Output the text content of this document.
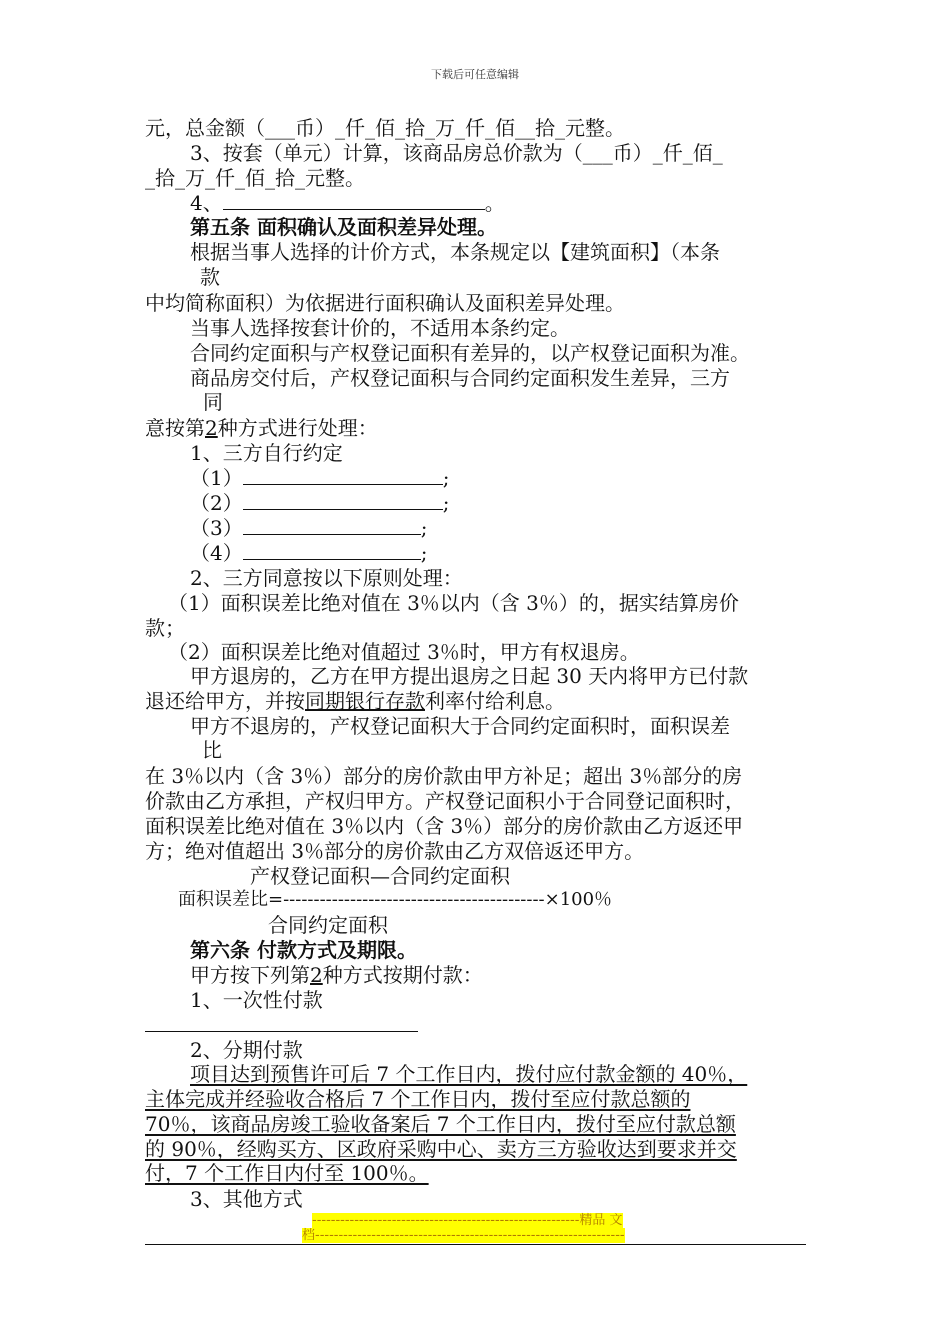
下载后可任意编辑
元，总金额（___币）_仟_佰_拾_万_仟_佰__拾_元整。
3、按套（单元）计算，该商品房总价款为（___币）_仟_佰_
_拾_万_仟_佰_拾_元整。
4、	。
第五条 面积确认及面积差异处理。
根据当事人选择的计价方式，本条规定以【建筑面积】（本条
款
中均简称面积）为依据进行面积确认及面积差异处理。
当事人选择按套计价的，不适用本条约定。
合同约定面积与产权登记面积有差异的，以产权登记面积为准。
商品房交付后，产权登记面积与合同约定面积发生差异，三方
同
意按第2种方式进行处理：
1、三方自行约定
（1）	;
（2）	;
（3）	;
（4）	;
2、三方同意按以下原则处理：
（1）面积误差比绝对值在 3％以内（含 3％）的，据实结算房价
款；
（2）面积误差比绝对值超过 3％时，甲方有权退房。
甲方退房的，乙方在甲方提出退房之日起 30 天内将甲方已付款
退还给甲方，并按同期银行存款利率付给利息。
甲方不退房的，产权登记面积大于合同约定面积时，面积误差
比
在 3％以内（含 3％）部分的房价款由甲方补足；超出 3％部分的房
价款由乙方承担，产权归甲方。产权登记面积小于合同登记面积时，
面积误差比绝对值在 3％以内（含 3％）部分的房价款由乙方返还甲
方；绝对值超出 3％部分的房价款由乙方双倍返还甲方。
产权登记面积—合同约定面积
面积误差比=-------------------------------------------×100％
合同约定面积
第六条 付款方式及期限。
甲方按下列第2种方式按期付款：
1、一次性付款
2、分期付款
项目达到预售许可后 7 个工作日内，拨付应付款金额的 40％，
主体完成并经验收合格后 7 个工作日内，拨付至应付款总额的
70％，该商品房竣工验收备案后 7 个工作日内，拨付至应付款总额
的 90％，经购买方、区政府采购中心、卖方三方验收达到要求并交
付，7 个工作日内付至 100％。
3、其他方式
---------------------------------------------------------精品 文
档------------------------------------------------------------------
